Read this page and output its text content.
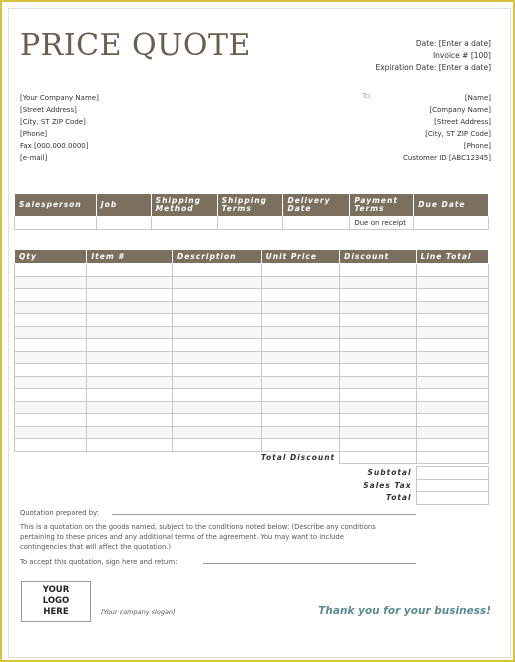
PRICE QUOTE	Date: [Enter a date]
Invoice # [100]
Expiration Date: [Enter a date]
[Your Company Name]
[Street Address]
[City, ST ZIP Code]
[Phone]
Fax [000.000.0000]
[e-mail]
To:	[Name]
[Company Name]
[Street Address]
[City, ST ZIP Code]
[Phone]
Customer ID [ABC12345]
Salesperson	Job	Shipping Method	Shipping Terms	Delivery Date	Payment Terms	Due Date
					Due on receipt	
Qty	Item #	Description	Unit Price	Discount	Line Total

Total Discount					

Subtotal					
Sales Tax					
Total					
Quotation prepared by:
This is a quotation on the goods named, subject to the conditions noted below: (Describe any conditions pertaining to these prices and any additional terms of the agreement. You may want to include contingencies that will affect the quotation.)
To accept this quotation, sign here and return:
YOUR LOGO HERE	[Your company slogan]	Thank you for your business!
